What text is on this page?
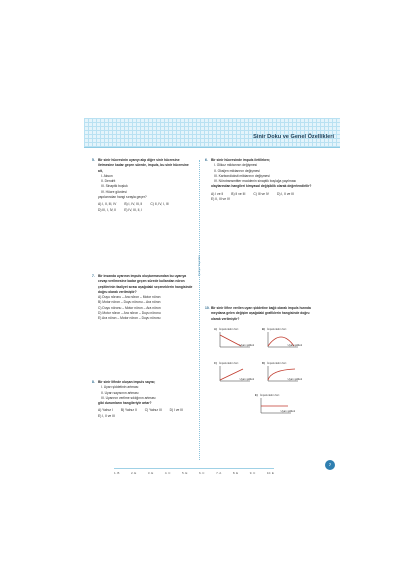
Sinir Doku ve Genel Özellikleri
5. Bir sinir hücresinin uyarıyı alıp diğer sinir hücresine iletmesine kadar geçen sürede, impuls, bu sinir hücresine ait,
I. Akson
II. Dendrit
III. Sinaptik boşluk
IV. Hücre gövdesi
yapılarından hangi sırayla geçer?
A) I, II, III, IV B) I, IV, III, II C) II, IV, I, III
D) III, I, IV, II E) IV, III, II, I
6. Bir sinir hücresinde impuls iletilirken;
I. Glikoz miktarının değişmesi
II. Oksijen miktarının değişmesi
III. Karbondioksit miktarının değişmesi
IV. Nörotransmitter maddenin sinaptik boşluğa yayılması
olaylarından hangileri kimyasal değişiklik olarak değerlendirilir?
A) I ve II B) II ve III C) III ve IV D) I, II ve III
E) II, III ve IV
Çalışır Yayınları
7. Bir insanda uyarının impuls oluşturmasından bu uyarıya cevap verilmesine kadar geçen sürede kullanılan nöron çeşitlerinin faaliyet sırası aşağıdaki seçeneklerin hangisinde doğru olarak verilmiştir?
A) Duyu nöronu – Ara nöron – Motor nöron
B) Motor nöron – Duyu nöronu – Ara nöron
C) Duyu nöronu – Motor nöron – Ara nöron
D) Motor nöron – Ara nöron – Duyu nöronu
E) Ara nöron – Motor nöron – Duyu nöronu
8. Bir sinir lifinde oluşan impuls sayısı;
I. Uyarı şiddetinin artması
II. Uyarı sayısının artması
III. Uyarının verilme sıklığının artması
gibi durumların hangileriyle artar?
A) Yalnız I B) Yalnız II C) Yalnız III D) I ve III
E) I, II ve III
10. Bir sinir lifine verilen uyarı şiddetine bağlı olarak impuls hızında meydana gelen değişim aşağıdaki grafiklerin hangisinde doğru olarak verilmiştir?
A) İmpuls iletim hızı
Uyarı şiddeti
B) İmpuls iletim hızı
Uyarı şiddeti
C) İmpuls iletim hızı
Uyarı şiddeti
D) İmpuls iletim hızı
Uyarı şiddeti
E) İmpuls iletim hızı
Uyarı şiddeti
1. B	2. E	3. E	4. C	5. E	6. C	7. A	8. E	9. C	10. E
7
